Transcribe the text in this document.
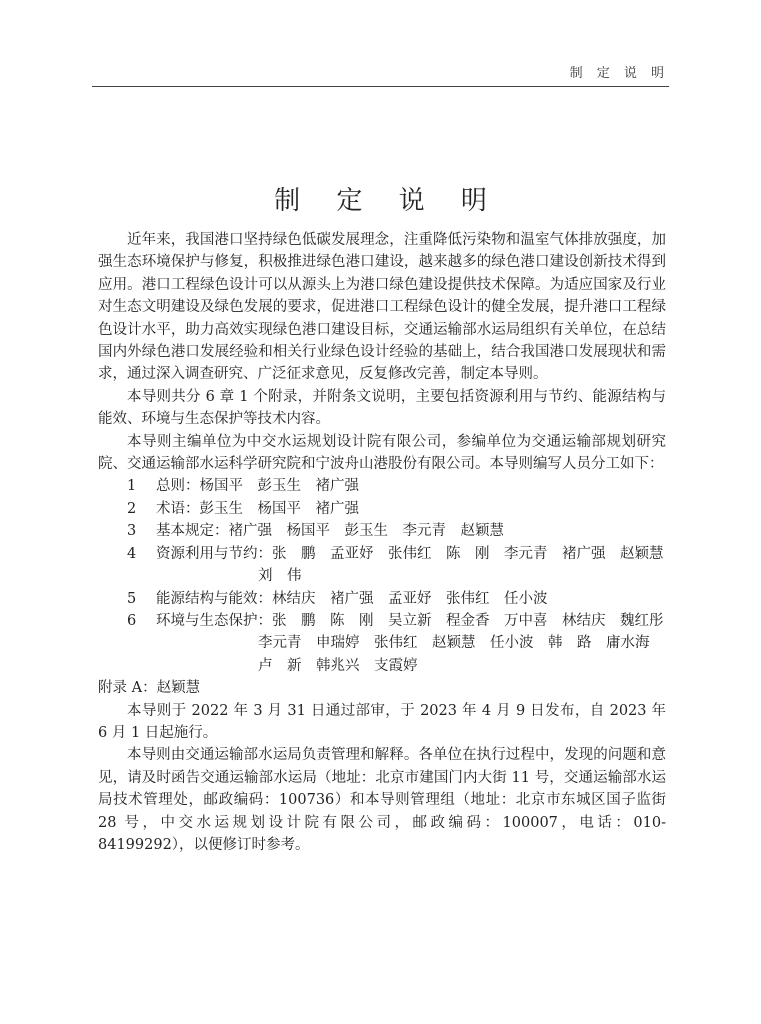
制 定 说 明
制 定 说 明

近年来，我国港口坚持绿色低碳发展理念，注重降低污染物和温室气体排放强度，加强生态环境保护与修复，积极推进绿色港口建设，越来越多的绿色港口建设创新技术得到应用。港口工程绿色设计可以从源头上为港口绿色建设提供技术保障。为适应国家及行业对生态文明建设及绿色发展的要求，促进港口工程绿色设计的健全发展，提升港口工程绿色设计水平，助力高效实现绿色港口建设目标，交通运输部水运局组织有关单位，在总结国内外绿色港口发展经验和相关行业绿色设计经验的基础上，结合我国港口发展现状和需求，通过深入调查研究、广泛征求意见，反复修改完善，制定本导则。

本导则共分 6 章 1 个附录，并附条文说明，主要包括资源利用与节约、能源结构与能效、环境与生态保护等技术内容。

本导则主编单位为中交水运规划设计院有限公司，参编单位为交通运输部规划研究院、交通运输部水运科学研究院和宁波舟山港股份有限公司。本导则编写人员分工如下：

1	总则： 杨国平　彭玉生　褚广强
2	术语： 彭玉生　杨国平　褚广强
3	基本规定： 褚广强　杨国平　彭玉生　李元青　赵颖慧
4	资源利用与节约： 张　鹏　孟亚妤　张伟红　陈　刚　李元青　褚广强　赵颖慧
刘　伟
5	能源结构与能效： 林结庆　褚广强　孟亚妤　张伟红　任小波
6	环境与生态保护： 张　鹏　陈　刚　吴立新　程金香　万中喜　林结庆　魏红彤
李元青　申瑞婷　张伟红　赵颖慧　任小波　韩　路　庸水海
卢　新　韩兆兴　支霞婷

附录 A：赵颖慧

本导则于 2022 年 3 月 31 日通过部审，于 2023 年 4 月 9 日发布，自 2023 年 6 月 1 日起施行。

本导则由交通运输部水运局负责管理和解释。各单位在执行过程中，发现的问题和意见，请及时函告交通运输部水运局（地址：北京市建国门内大街 11 号，交通运输部水运局技术管理处，邮政编码：100736）和本导则管理组（地址：北京市东城区国子监街 28 号，中交水运规划设计院有限公司，邮政编码：100007，电话：010-84199292），以便修订时参考。
